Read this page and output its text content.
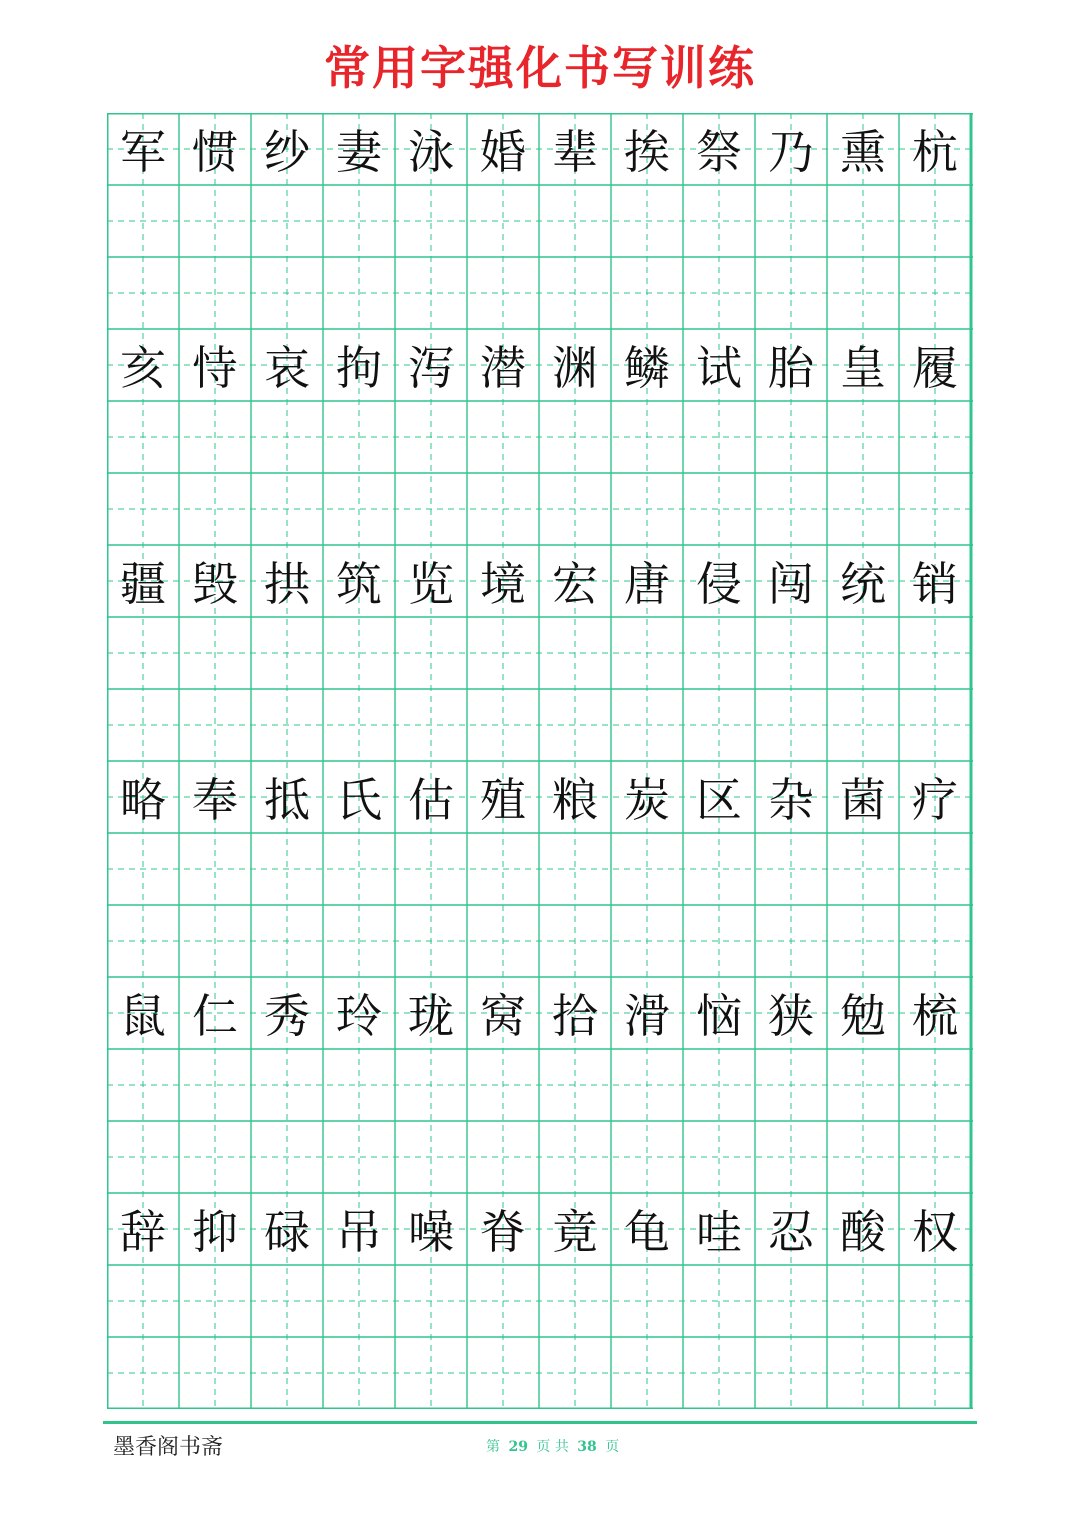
常用字强化书写训练
军 惯 纱 妻 泳 婚 辈 挨 祭 乃 熏 杭
亥 恃 哀 拘 泻 潜 渊 鳞 试 胎 皇 履
疆 毁 拱 筑 览 境 宏 唐 侵 闯 统 销
略 奉 抵 氏 估 殖 粮 炭 区 杂 菌 疗
鼠 仁 秀 玲 珑 窝 拾 滑 恼 狭 勉 梳
辞 抑 碌 吊 噪 脊 竟 龟 哇 忍 酸 权
墨香阁书斋	第 29 页 共 38 页
